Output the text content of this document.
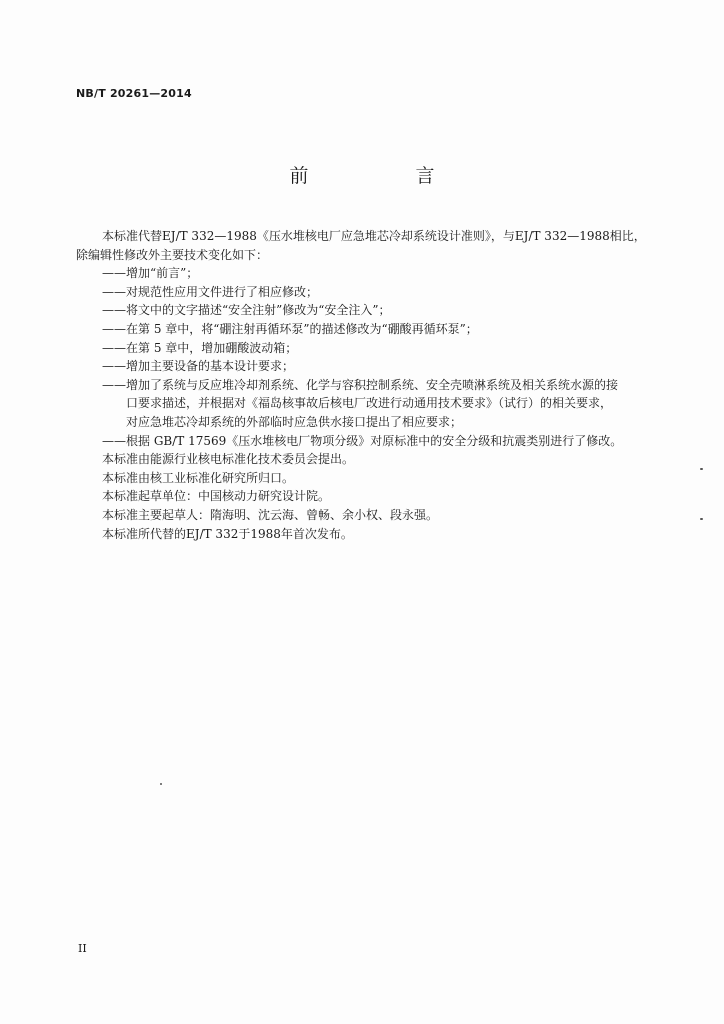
NB/T 20261—2014
前　言
本标准代替EJ/T 332—1988《压水堆核电厂应急堆芯冷却系统设计准则》，与EJ/T 332—1988相比，
除编辑性修改外主要技术变化如下：
——增加“前言”；
——对规范性应用文件进行了相应修改；
——将文中的文字描述“安全注射”修改为“安全注入”；
——在第 5 章中，将“硼注射再循环泵”的描述修改为“硼酸再循环泵”；
——在第 5 章中，增加硼酸波动箱；
——增加主要设备的基本设计要求；
——增加了系统与反应堆冷却剂系统、化学与容积控制系统、安全壳喷淋系统及相关系统水源的接
口要求描述，并根据对《福岛核事故后核电厂改进行动通用技术要求》（试行）的相关要求，
对应急堆芯冷却系统的外部临时应急供水接口提出了相应要求；
——根据 GB/T 17569《压水堆核电厂物项分级》对原标准中的安全分级和抗震类别进行了修改。
本标准由能源行业核电标准化技术委员会提出。
本标准由核工业标准化研究所归口。
本标准起草单位：中国核动力研究设计院。
本标准主要起草人：隋海明、沈云海、曾畅、余小权、段永强。
本标准所代替的EJ/T 332于1988年首次发布。
II
